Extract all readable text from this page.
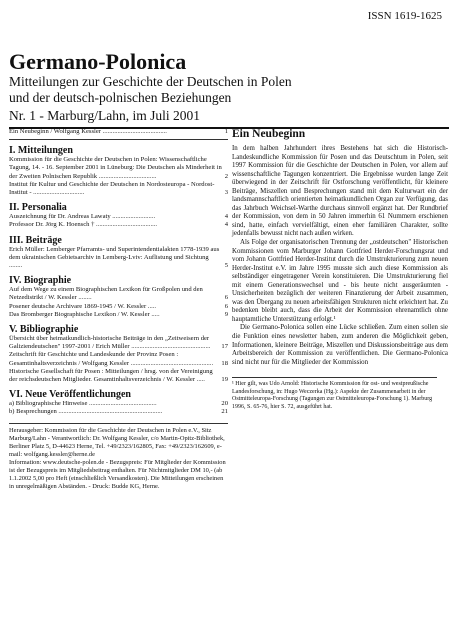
ISSN 1619-1625
Germano-Polonica
Mitteilungen zur Geschichte der Deutschen in Polen
und der deutsch-polnischen Beziehungen
Nr. 1 - Marburg/Lahn, im Juli 2001
Ein Neubeginn / Wolfgang Kessler .......................................	1
I. Mitteilungen
Kommission für die Geschichte der Deutschen in Polen: Wissenschaftliche Tagung, 14. - 16. September 2001 in Lüneburg: Die Deutschen als Minderheit in der Zweiten Polnischen Republik ...................................	2
Institut für Kultur und Geschichte der Deutschen in Nordosteuropa - Nordost-Institut - ...............................	3
II. Personalia
Auszeichnung für Dr. Andreas Lawaty ..........................	4
Professor Dr. Jörg K. Hoensch † .....................................	4
III. Beiträge
Erich Müller: Lemberger Pfarramts- und Superintendentialakten 1778-1939 aus dem ukrainischen Gebietsarchiv in Lemberg-Lviv: Auflistung und Sichtung ........	5
IV. Biographie
Auf dem Wege zu einem Biographischen Lexikon für Großpolen und den Netzedistrikt / W. Kessler ........	6
Posener deutsche Archivare 1869-1945 / W. Kessler .....	6
Das Bromberger Biographische Lexikon / W. Kessler .....	9
V. Bibliographie
Übersicht über heimatkundlich-historische Beiträge in den „Zeitweisern der Galiziendeutschen" 1997-2001 / Erich Müller ................................................	17
Zeitschrift für Geschichte und Landeskunde der Provinz Posen : Gesamtinhaltsverzeichnis / Wolfgang Kessler ..................................................	18
Historische Gesellschaft für Posen : Mitteilungen / hrsg. von der Vereinigung der reichsdeutschen Mitglieder. Gesamtinhaltsverzeichnis / W. Kessler .....	19
VI. Neue Veröffentlichungen
a) Bibliographische Hinweise .........................................	20
b) Besprechungen ...............................................................	21

Herausgeber: Kommission für die Geschichte der Deutschen in Polen e.V., Sitz Marburg/Lahn - Verantwortlich: Dr. Wolfgang Kessler, c/o Martin-Opitz-Bibliothek, Berliner Platz 5, D-44623 Herne, Tel. +49/2323/162805, Fax: +49/2323/162609, e-mail: wolfgang.kessler@herne.de

Information: www.deutsche-polen.de - Bezugspreis: Für Mitglieder der Kommission ist der Bezugspreis im Mitgliedsbeitrag enthalten. Für Nichtmitglieder DM 10,- (ab 1.1.2002 5,00 pro Heft (einschließlich Versandkosten). Die Mitteilungen erscheinen in unregelmäßigen Abständen. - Druck: Budde KG, Herne.

Ein Neubeginn

In dem halben Jahrhundert ihres Bestehens hat sich die Historisch-Landeskundliche Kommission für Posen und das Deutschtum in Polen, seit 1997 Kommission für die Geschichte der Deutschen in Polen, vor allem auf wissenschaftliche Tagungen konzentriert. Die Ergebnisse wurden lange Zeit überwiegend in der Zeitschrift für Ostforschung veröffentlicht, für kleinere Beiträge, Miszellen und Besprechungen stand mit dem Kulturwart ein der landsmannschaftlich orientierten heimatkundlichen Organ zur Verfügung, das das Jahrbuch Weichsel-Warthe durchaus sinnvoll ergänzt hat. Der Rundbrief der Kommission, von dem in 50 Jahren immerhin 61 Nummern erschienen sind, hatte, einfach vervielfältigt, einen eher familiären Charakter, sollte jedenfalls bewusst nicht nach außen wirken.

Als Folge der organisatorischen Trennung der „ostdeutschen" Historischen Kommissionen vom Marburger Johann Gottfried Herder-Forschungsrat und vom Johann Gottfried Herder-Institut durch die Umstrukturierung zum neuen Herder-Institut e.V. im Jahre 1995 musste sich auch diese Kommission als selbständiger eingetragener Verein konstituieren. Die Umstrukturierung fiel mit einem Generationswechsel und - bis heute nicht ausgeräumten - Unsicherheiten bezüglich der weiteren Finanzierung der Arbeit zusammen, was den Übergang zu neuen arbeitsfähigen Strukturen nicht erleichtert hat. Zu bedenken bleibt auch, dass die Arbeit der Kommission ehrenamtlich ohne hauptamtliche Unterstützung erfolgt.¹

Die Germano-Polonica sollen eine Lücke schließen. Zum einen sollen sie die Funktion eines newsletter haben, zum anderen die Möglichkeit geben, Informationen, kleinere Beiträge, Miszellen und Diskussionsbeiträge aus dem Arbeitsbereich der Kommission zu veröffentlichen. Die Germano-Polonica sind nicht nur für die Mitglieder der Kommission

¹ Hier gilt, was Udo Arnold: Historische Kommission für ost- und westpreußische Landesforschung, in: Hugo Weczerka (Hg.): Aspekte der Zusammenarbeit in der Ostmitteleuropa-Forschung (Tagungen zur Ostmitteleuropa-Forschung 1). Marburg 1996, S. 65-76, hier S. 72, ausgeführt hat.
